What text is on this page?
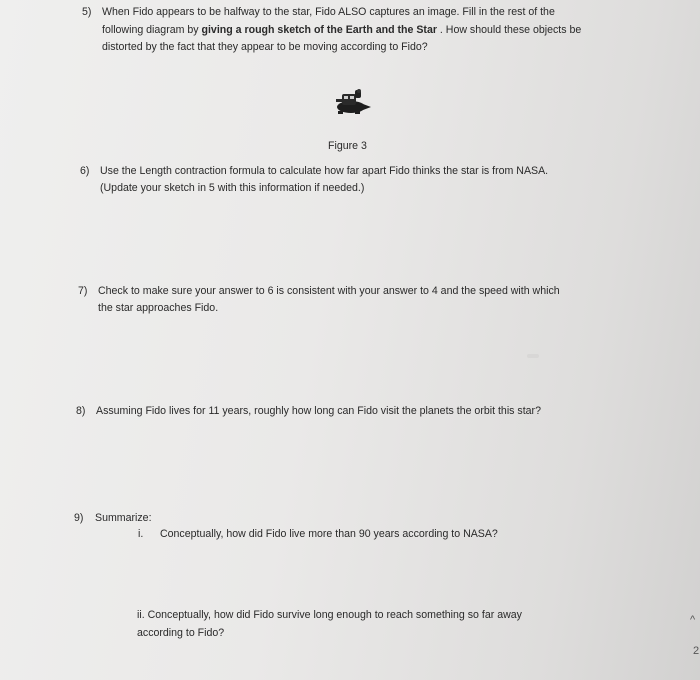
5) When Fido appears to be halfway to the star, Fido ALSO captures an image. Fill in the rest of the
following diagram by giving a rough sketch of the Earth and the Star . How should these objects be
distorted by the fact that they appear to be moving according to Fido?
Figure 3
6) Use the Length contraction formula to calculate how far apart Fido thinks the star is from NASA.
(Update your sketch in 5 with this information if needed.)
7) Check to make sure your answer to 6 is consistent with your answer to 4 and the speed with which
the star approaches Fido.
8) Assuming Fido lives for 11 years, roughly how long can Fido visit the planets the orbit this star?
9) Summarize:
i. Conceptually, how did Fido live more than 90 years according to NASA?
ii. Conceptually, how did Fido survive long enough to reach something so far away
according to Fido?
^
2
